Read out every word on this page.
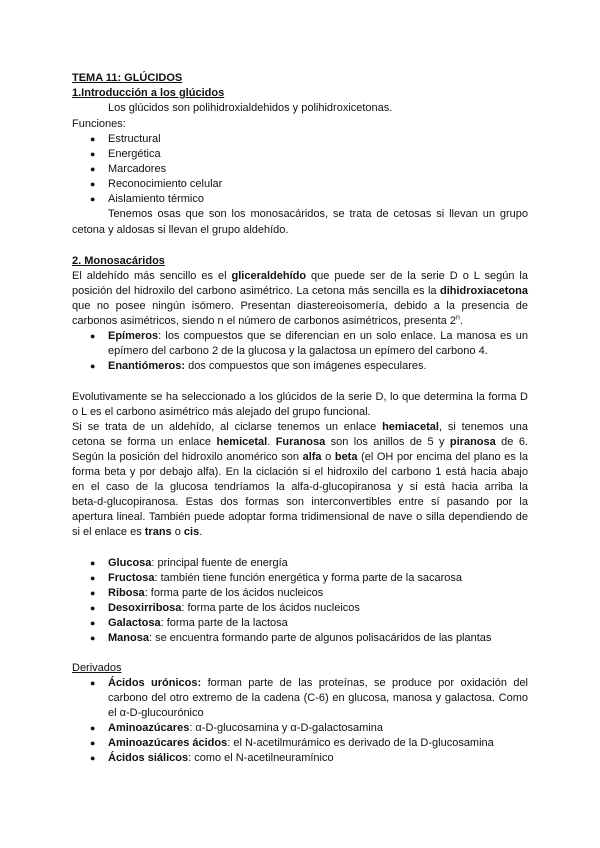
TEMA 11: GLÚCIDOS
1.Introducción a los glúcidos
Los glúcidos son polihidroxialdehidos y polihidroxicetonas.
Funciones:
● Estructural
● Energética
● Marcadores
● Reconocimiento celular
● Aislamiento térmico
Tenemos osas que son los monosacáridos, se trata de cetosas si llevan un grupo
cetona y aldosas si llevan el grupo aldehído.
2. Monosacáridos
El aldehído más sencillo es el gliceraldehído que puede ser de la serie D o L según la
posición del hidroxilo del carbono asimétrico. La cetona más sencilla es la dihidroxiacetona
que no posee ningún isómero. Presentan diastereoisomería, debido a la presencia de
carbonos asimétricos, siendo n el número de carbonos asimétricos, presenta 2$^n$.
● Epímeros: los compuestos que se diferencian en un solo enlace. La manosa es un
epímero del carbono 2 de la glucosa y la galactosa un epímero del carbono 4.
● Enantiómeros: dos compuestos que son imágenes especulares.
Evolutivamente se ha seleccionado a los glúcidos de la serie D, lo que determina la forma D
o L es el carbono asimétrico más alejado del grupo funcional.
Si se trata de un aldehído, al ciclarse tenemos un enlace hemiacetal, si tenemos una
cetona se forma un enlace hemicetal. Furanosa son los anillos de 5 y piranosa de 6.
Según la posición del hidroxilo anomérico son alfa o beta (el OH por encima del plano es la
forma beta y por debajo alfa). En la ciclación si el hidroxilo del carbono 1 está hacia abajo
en el caso de la glucosa tendríamos la alfa-d-glucopiranosa y si está hacia arriba la
beta-d-glucopiranosa. Estas dos formas son interconvertibles entre sí pasando por la
apertura lineal. También puede adoptar forma tridimensional de nave o silla dependiendo de
si el enlace es trans o cis.
● Glucosa: principal fuente de energía
● Fructosa: también tiene función energética y forma parte de la sacarosa
● Ribosa: forma parte de los ácidos nucleicos
● Desoxirribosa: forma parte de los ácidos nucleicos
● Galactosa: forma parte de la lactosa
● Manosa: se encuentra formando parte de algunos polisacáridos de las plantas
Derivados
● Ácidos urónicos: forman parte de las proteínas, se produce por oxidación del
carbono del otro extremo de la cadena (C-6) en glucosa, manosa y galactosa. Como
el α-D-glucourónico
● Aminoazúcares: α-D-glucosamina y α-D-galactosamina
● Aminoazúcares ácidos: el N-acetilmurámico es derivado de la D-glucosamina
● Ácidos siálicos: como el N-acetilneuramínico
